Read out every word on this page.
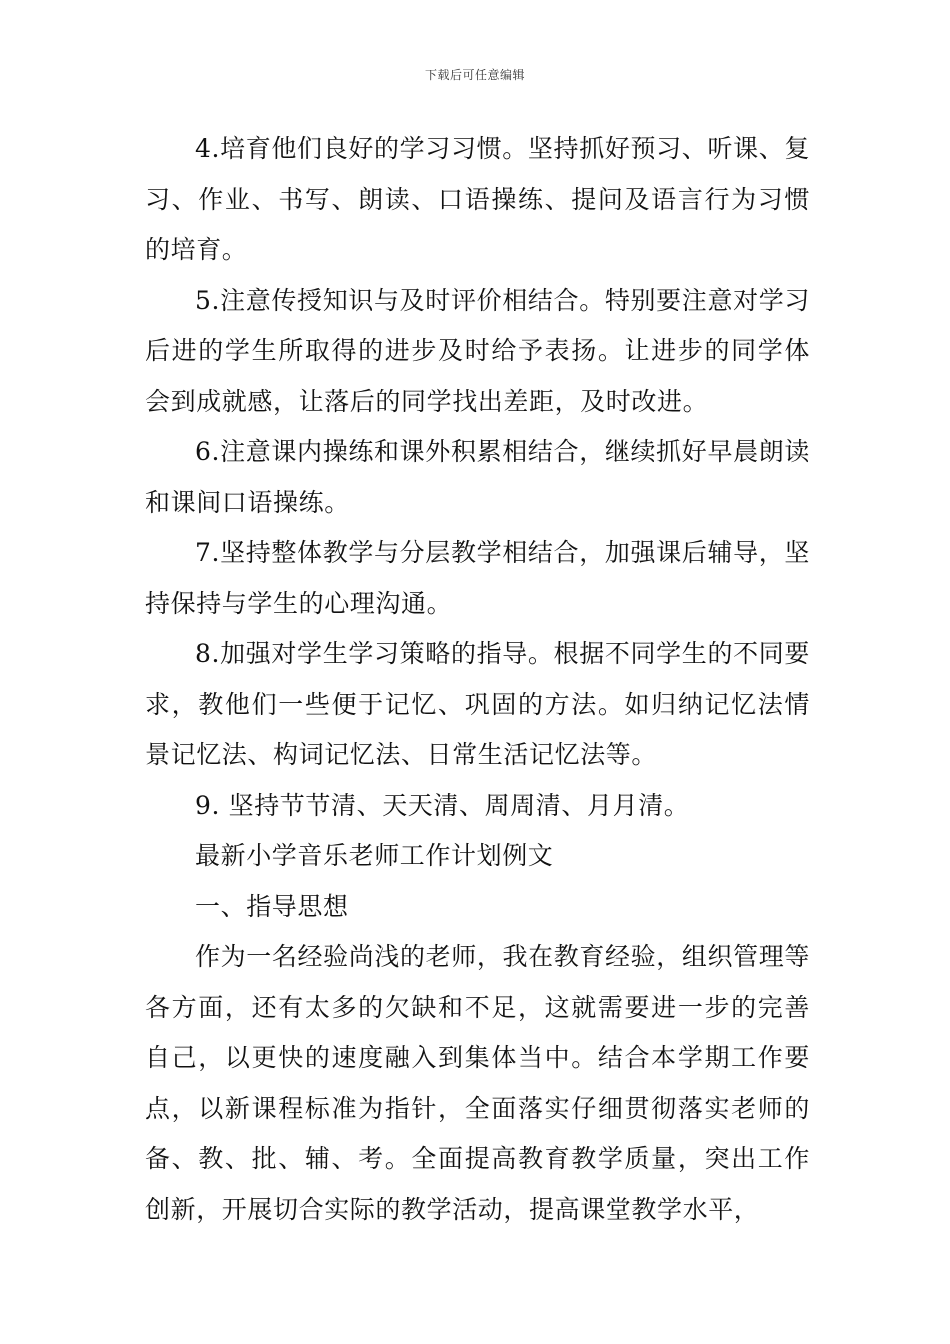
下载后可任意编辑

4.培育他们良好的学习习惯。坚持抓好预习、听课、复习、作业、书写、朗读、口语操练、提问及语言行为习惯的培育。

5.注意传授知识与及时评价相结合。特别要注意对学习后进的学生所取得的进步及时给予表扬。让进步的同学体会到成就感，让落后的同学找出差距，及时改进。

6.注意课内操练和课外积累相结合，继续抓好早晨朗读和课间口语操练。

7.坚持整体教学与分层教学相结合，加强课后辅导，坚持保持与学生的心理沟通。

8.加强对学生学习策略的指导。根据不同学生的不同要求，教他们一些便于记忆、巩固的方法。如归纳记忆法情景记忆法、构词记忆法、日常生活记忆法等。

9. 坚持节节清、天天清、周周清、月月清。

最新小学音乐老师工作计划例文

一、指导思想

作为一名经验尚浅的老师，我在教育经验，组织管理等各方面，还有太多的欠缺和不足，这就需要进一步的完善自己，以更快的速度融入到集体当中。结合本学期工作要点，以新课程标准为指针，全面落实仔细贯彻落实老师的备、教、批、辅、考。全面提高教育教学质量，突出工作创新，开展切合实际的教学活动，提高课堂教学水平，
